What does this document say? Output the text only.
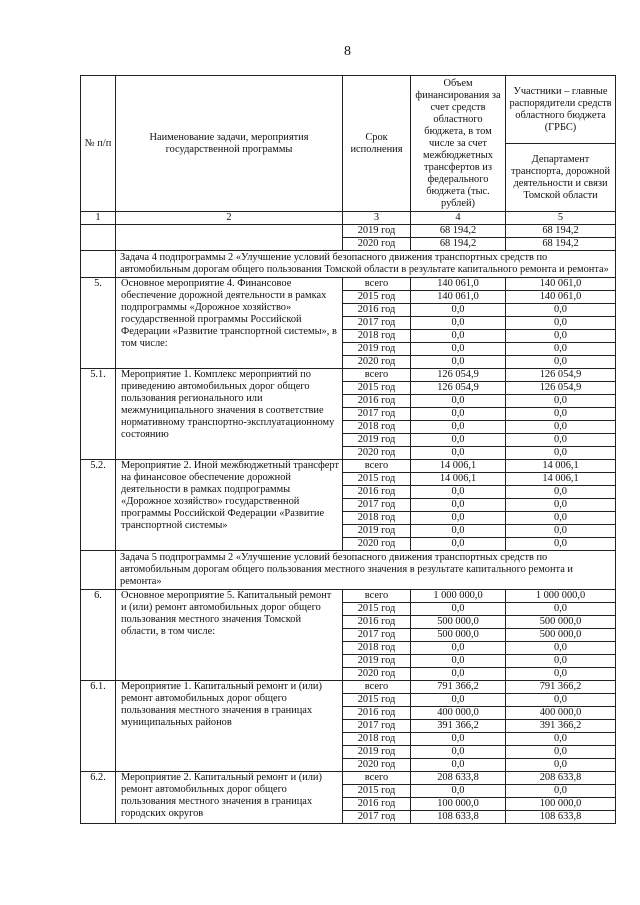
8
№ п/п	Наименование задачи, мероприятия государственной программы	Срок исполнения	Объем финансирования за счет средств областного бюджета, в том числе за счет межбюджетных трансфертов из федерального бюджета (тыс. рублей)	Участники – главные распорядители средств областного бюджета (ГРБС)
				Департамент транспорта, дорожной деятельности и связи Томской области
1	2	3	4	5
		2019 год	68 194,2	68 194,2
		2020 год	68 194,2	68 194,2
	Задача 4 подпрограммы 2 «Улучшение условий безопасного движения транспортных средств по автомобильным дорогам общего пользования Томской области в результате капитального ремонта и ремонта»			
5.	Основное мероприятие 4. Финансовое обеспечение дорожной деятельности в рамках подпрограммы «Дорожное хозяйство» государственной программы Российской Федерации «Развитие транспортной системы», в том числе:	всего	140 061,0	140 061,0
		2015 год	140 061,0	140 061,0
		2016 год	0,0	0,0
		2017 год	0,0	0,0
		2018 год	0,0	0,0
		2019 год	0,0	0,0
		2020 год	0,0	0,0
5.1.	Мероприятие 1. Комплекс мероприятий по приведению автомобильных дорог общего пользования регионального или межмуниципального значения в соответствие нормативному транспортно-эксплуатационному состоянию	всего	126 054,9	126 054,9
		2015 год	126 054,9	126 054,9
		2016 год	0,0	0,0
		2017 год	0,0	0,0
		2018 год	0,0	0,0
		2019 год	0,0	0,0
		2020 год	0,0	0,0
5.2.	Мероприятие 2. Иной межбюджетный трансферт на финансовое обеспечение дорожной деятельности в рамках подпрограммы «Дорожное хозяйство» государственной программы Российской Федерации «Развитие транспортной системы»	всего	14 006,1	14 006,1
		2015 год	14 006,1	14 006,1
		2016 год	0,0	0,0
		2017 год	0,0	0,0
		2018 год	0,0	0,0
		2019 год	0,0	0,0
		2020 год	0,0	0,0
	Задача 5 подпрограммы 2 «Улучшение условий безопасного движения транспортных средств по автомобильным дорогам общего пользования местного значения в результате капитального ремонта и ремонта»			
6.	Основное мероприятие 5. Капитальный ремонт и (или) ремонт автомобильных дорог общего пользования местного значения Томской области, в том числе:	всего	1 000 000,0	1 000 000,0
		2015 год	0,0	0,0
		2016 год	500 000,0	500 000,0
		2017 год	500 000,0	500 000,0
		2018 год	0,0	0,0
		2019 год	0,0	0,0
		2020 год	0,0	0,0
6.1.	Мероприятие 1. Капитальный ремонт и (или) ремонт автомобильных дорог общего пользования местного значения в границах муниципальных районов	всего	791 366,2	791 366,2
		2015 год	0,0	0,0
		2016 год	400 000,0	400 000,0
		2017 год	391 366,2	391 366,2
		2018 год	0,0	0,0
		2019 год	0,0	0,0
		2020 год	0,0	0,0
6.2.	Мероприятие 2. Капитальный ремонт и (или) ремонт автомобильных дорог общего пользования местного значения в границах городских округов	всего	208 633,8	208 633,8
		2015 год	0,0	0,0
		2016 год	100 000,0	100 000,0
		2017 год	108 633,8	108 633,8
